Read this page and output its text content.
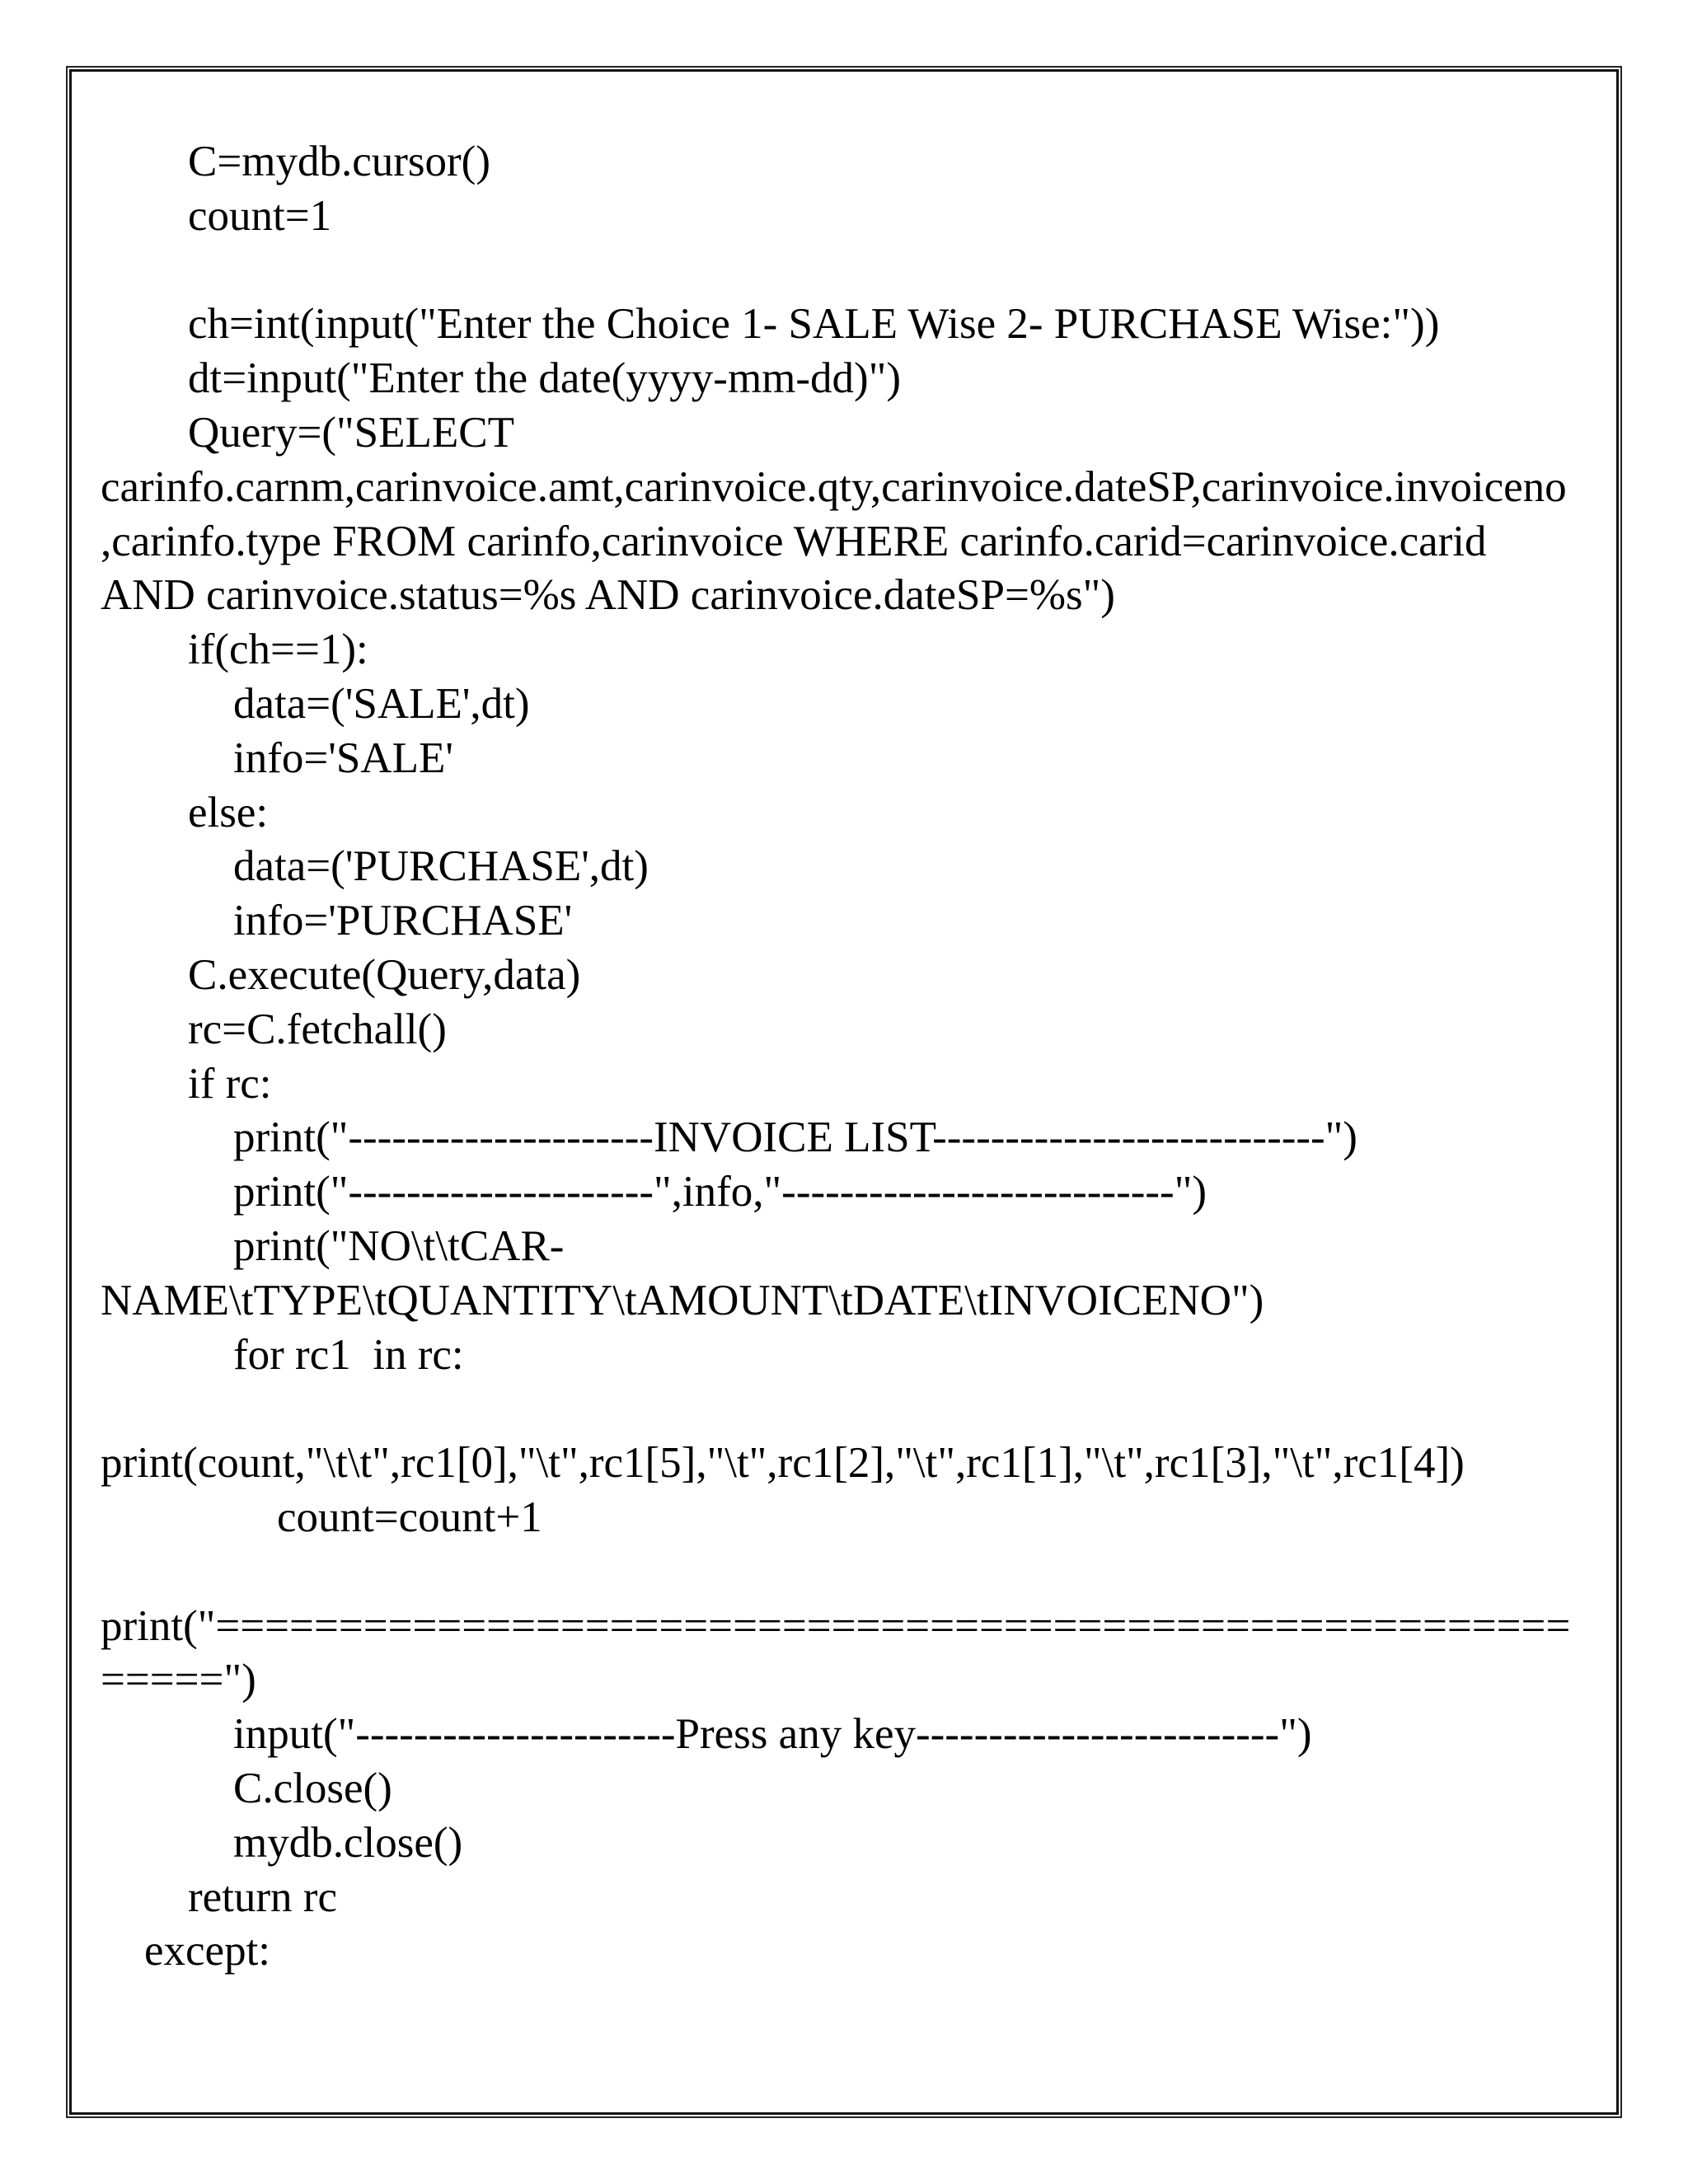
C=mydb.cursor()
count=1
ch=int(input("Enter the Choice 1- SALE Wise 2- PURCHASE Wise:"))
dt=input("Enter the date(yyyy-mm-dd)")
Query=("SELECT
carinfo.carnm,carinvoice.amt,carinvoice.qty,carinvoice.dateSP,carinvoice.invoiceno
,carinfo.type FROM carinfo,carinvoice WHERE carinfo.carid=carinvoice.carid
AND carinvoice.status=%s AND carinvoice.dateSP=%s")
if(ch==1):
data=('SALE',dt)
info='SALE'
else:
data=('PURCHASE',dt)
info='PURCHASE'
C.execute(Query,data)
rc=C.fetchall()
if rc:
print("---------------------INVOICE LIST---------------------------")
print("---------------------",info,"---------------------------")
print("NO\t\tCAR-
NAME\tTYPE\tQUANTITY\tAMOUNT\tDATE\tINVOICENO")
for rc1  in rc:
print(count,"\t\t",rc1[0],"\t",rc1[5],"\t",rc1[2],"\t",rc1[1],"\t",rc1[3],"\t",rc1[4])
count=count+1
print("=======================================================
=====")
input("----------------------Press any key-------------------------")
C.close()
mydb.close()
return rc
except:
